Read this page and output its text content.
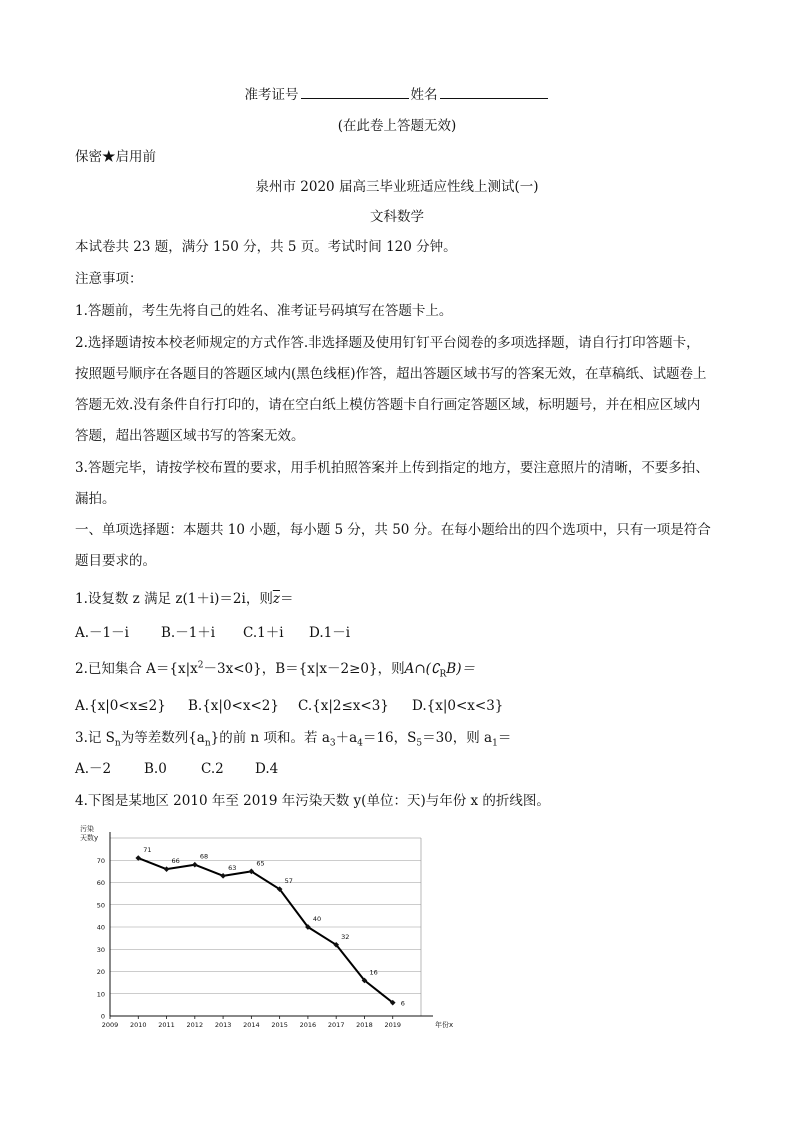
准考证号	姓名
(在此卷上答题无效)
保密★启用前
泉州市 2020 届高三毕业班适应性线上测试(一)
文科数学
本试卷共 23 题，满分 150 分，共 5 页。考试时间 120 分钟。
注意事项：
1.答题前，考生先将自己的姓名、准考证号码填写在答题卡上。
2.选择题请按本校老师规定的方式作答.非选择题及使用钉钉平台阅卷的多项选择题，请自行打印答题卡，
按照题号顺序在各题目的答题区域内(黑色线框)作答，超出答题区域书写的答案无效，在草稿纸、试题卷上
答题无效.没有条件自行打印的，请在空白纸上模仿答题卡自行画定答题区域，标明题号，并在相应区域内
答题，超出答题区域书写的答案无效。
3.答题完毕，请按学校布置的要求，用手机拍照答案并上传到指定的地方，要注意照片的清晰，不要多拍、
漏拍。
一、单项选择题：本题共 10 小题，每小题 5 分，共 50 分。在每小题给出的四个选项中，只有一项是符合
题目要求的。
1.设复数 z 满足 z(1＋i)＝2i，则$\overline{z}=$
A.－1－i B.－1＋i C.1＋i D.1－i
2.已知集合 $A=\{x|x^2-3x<0\}$，B＝{x|x－2≥0}，则$A\cap(∁_RB)=$
A.{x|0<x≤2} B.{x|0<x<2} C.{x|2≤x<3} D.{x|0<x<3}
3.记 $S_n$为等差数列$\{a_n\}$的前 n 项和。若 $a_3+a_4=16$，$S_5=30$，则 $a_1=$
A.－2 B.0	C.2 D.4
4.下图是某地区 2010 年至 2019 年污染天数 y(单位：天)与年份 x 的折线图。
0
10
20
30
40
50
60
70
2009 2010 2011 2012 2013 2014 2015 2016 2017 2018 2019
污染
天数y
年份x
71
66
68
63
65
57
40
32
16
6
